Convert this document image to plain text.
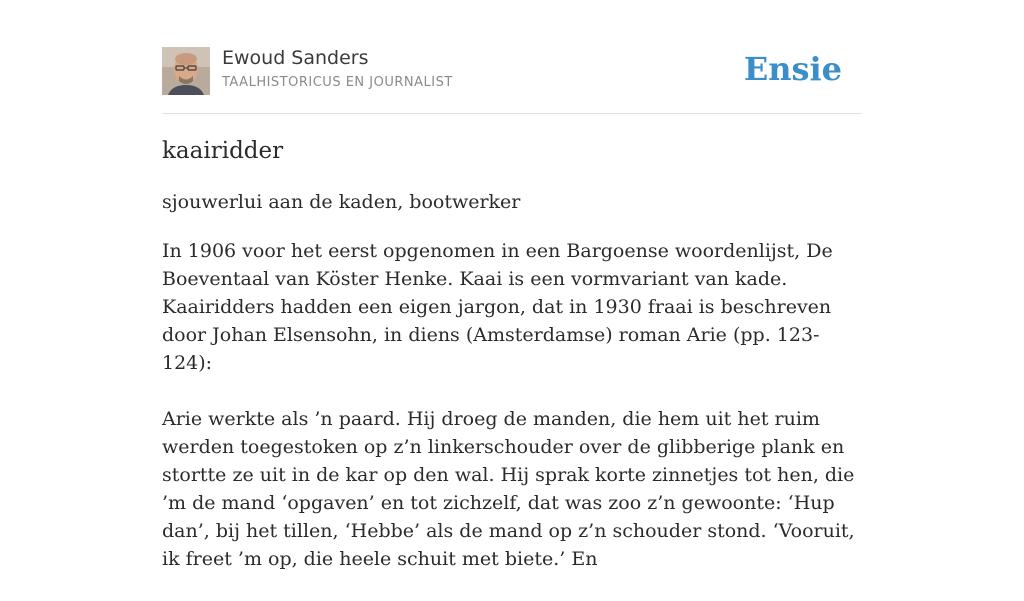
Ewoud Sanders
TAALHISTORICUS EN JOURNALIST	Ensie
kaairidder

sjouwerlui aan de kaden, bootwerker

In 1906 voor het eerst opgenomen in een Bargoense woordenlijst, De Boeventaal van Köster Henke. Kaai is een vormvariant van kade. Kaairidders hadden een eigen jargon, dat in 1930 fraai is beschreven door Johan Elsensohn, in diens (Amsterdamse) roman Arie (pp. 123-124):

Arie werkte als ’n paard. Hij droeg de manden, die hem uit het ruim werden toegestoken op z’n linkerschouder over de glibberige plank en stortte ze uit in de kar op den wal. Hij sprak korte zinnetjes tot hen, die ’m de mand ‘opgaven’ en tot zichzelf, dat was zoo z’n gewoonte: ‘Hup dan’, bij het tillen, ‘Hebbe’ als de mand op z’n schouder stond. ‘Vooruit, ik freet ’m op, die heele schuit met biete.’ En
